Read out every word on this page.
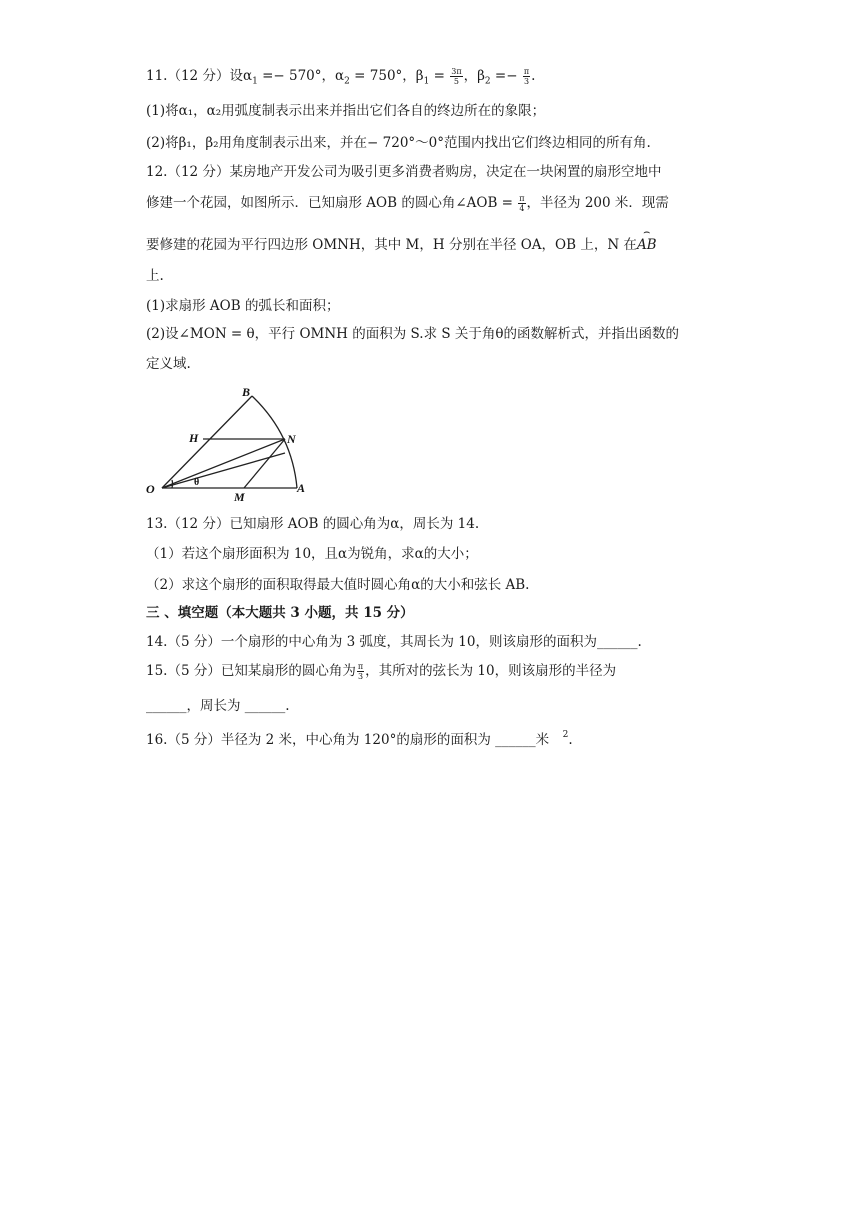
11.（12 分）设$\alpha_1 =- 570^\circ$，$\alpha_2 = 750^\circ$，$\beta_1 = \frac{3\pi}{5}$ ，$\beta_2 =- \frac{\pi}{3}$ .
(1)将α₁，α₂用弧度制表示出来并指出它们各自的终边所在的象限；
(2)将β₁，β₂用角度制表示出来，并在− 720°～0°范围内找出它们终边相同的所有角.
12.（12 分）某房地产开发公司为吸引更多消费者购房，决定在一块闲置的扇形空地中
修建一个花园，如图所示．已知扇形 AOB 的圆心角∠AOB = $\frac{\pi}{4}$ ，半径为 200 米．现需
要修建的花园为平行四边形 OMNH，其中 M，H 分别在半径 OA，OB 上，N 在
⌢
AB
上.
(1)求扇形 AOB 的弧长和面积；
(2)设∠MON = θ，平行 OMNH 的面积为 S.求 S 关于角θ的函数解析式，并指出函数的
定义域.
O	A
B
H	N
M
θ
13.（12 分）已知扇形 AOB 的圆心角为α，周长为 14.
（1）若这个扇形面积为 10，且α为锐角，求α的大小；
（2）求这个扇形的面积取得最大值时圆心角α的大小和弦长 AB.
三 、填空题（本大题共 3 小题，共 15 分）
14.（5 分）一个扇形的中心角为 3 弧度，其周长为 10，则该扇形的面积为______.
15.（5 分）已知某扇形的圆心角为 $\frac{\pi}{3}$ ，其所对的弦长为 10，则该扇形的半径为
______，周长为 ______.
16.（5 分）半径为 2 米，中心角为 120°的扇形的面积为 ______米　$^2$.
